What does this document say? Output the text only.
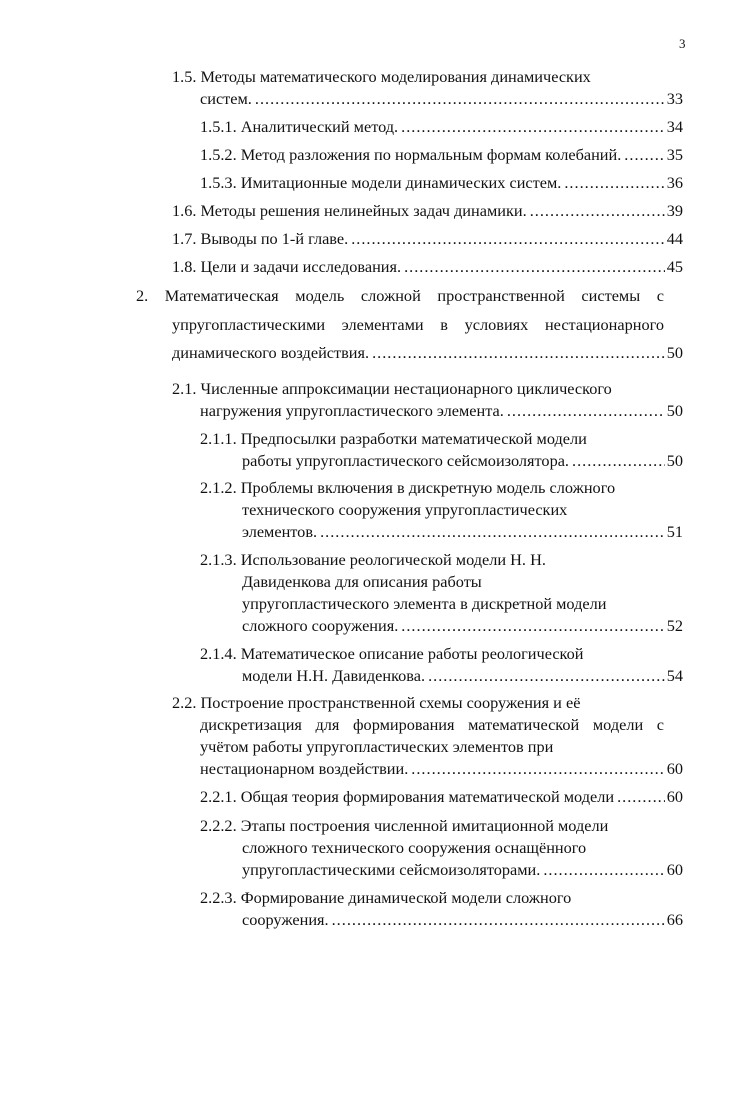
3
1.5. Методы математического моделирования динамических
систем. .....	33
1.5.1. Аналитический метод. .....	34
1.5.2. Метод разложения по нормальным формам колебаний. .....	35
1.5.3. Имитационные модели динамических систем. .....	36
1.6. Методы решения нелинейных задач динамики. .....	39
1.7. Выводы по 1-й главе. .....	44
1.8. Цели и задачи исследования. .....	45
2. Математическая модель сложной пространственной системы с
упругопластическими элементами в условиях нестационарного
динамического воздействия. .....	50
2.1. Численные аппроксимации нестационарного циклического
нагружения упругопластического элемента. .....	50
2.1.1. Предпосылки разработки математической модели
работы упругопластического сейсмоизолятора. .....	50
2.1.2. Проблемы включения в дискретную модель сложного
технического сооружения упругопластических
элементов. .....	51
2.1.3. Использование реологической модели Н. Н.
Давиденкова для описания работы
упругопластического элемента в дискретной модели
сложного сооружения. .....	52
2.1.4. Математическое описание работы реологической
модели Н.Н. Давиденкова. .....	54
2.2. Построение пространственной схемы сооружения и её
дискретизация для формирования математической модели с
учётом работы упругопластических элементов при
нестационарном воздействии. .....	60
2.2.1. Общая теория формирования математической модели .....	60
2.2.2. Этапы построения численной имитационной модели
сложного технического сооружения оснащённого
упругопластическими сейсмоизоляторами. .....	60
2.2.3. Формирование динамической модели сложного
сооружения. .....	66
